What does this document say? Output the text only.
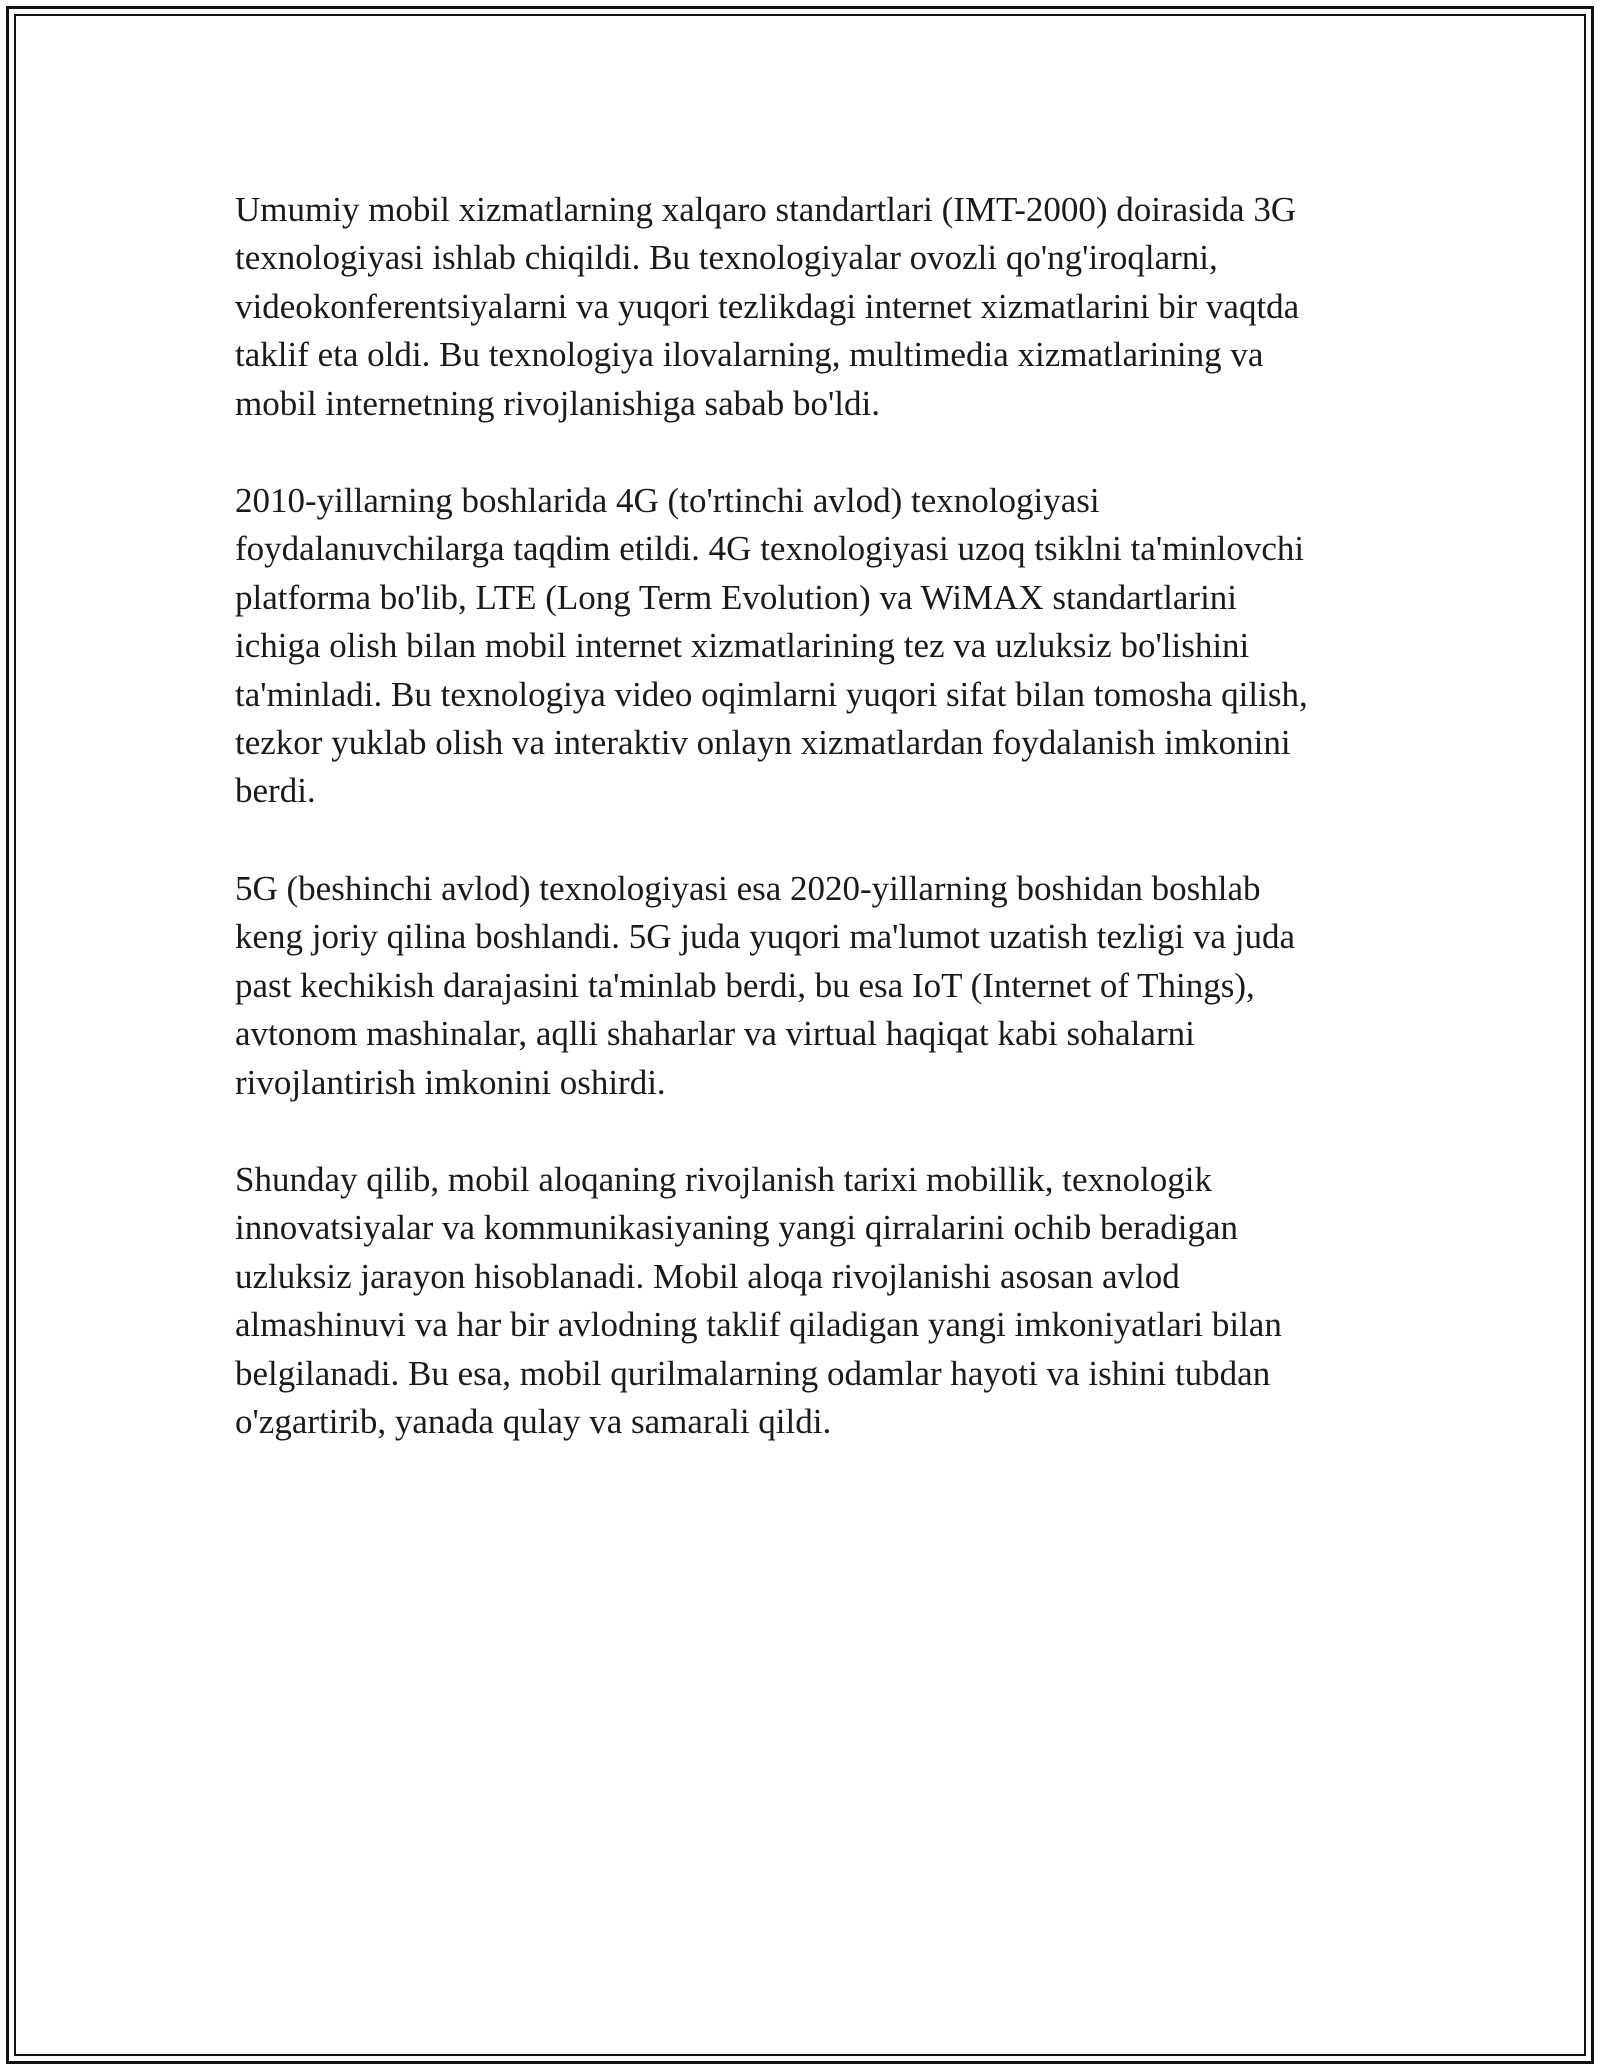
Umumiy mobil xizmatlarning xalqaro standartlari (IMT-2000) doirasida 3G
texnologiyasi ishlab chiqildi. Bu texnologiyalar ovozli qo'ng'iroqlarni,
videokonferentsiyalarni va yuqori tezlikdagi internet xizmatlarini bir vaqtda
taklif eta oldi. Bu texnologiya ilovalarning, multimedia xizmatlarining va
mobil internetning rivojlanishiga sabab bo'ldi.

2010-yillarning boshlarida 4G (to'rtinchi avlod) texnologiyasi
foydalanuvchilarga taqdim etildi. 4G texnologiyasi uzoq tsiklni ta'minlovchi
platforma bo'lib, LTE (Long Term Evolution) va WiMAX standartlarini
ichiga olish bilan mobil internet xizmatlarining tez va uzluksiz bo'lishini
ta'minladi. Bu texnologiya video oqimlarni yuqori sifat bilan tomosha qilish,
tezkor yuklab olish va interaktiv onlayn xizmatlardan foydalanish imkonini
berdi.

5G (beshinchi avlod) texnologiyasi esa 2020-yillarning boshidan boshlab
keng joriy qilina boshlandi. 5G juda yuqori ma'lumot uzatish tezligi va juda
past kechikish darajasini ta'minlab berdi, bu esa IoT (Internet of Things),
avtonom mashinalar, aqlli shaharlar va virtual haqiqat kabi sohalarni
rivojlantirish imkonini oshirdi.

Shunday qilib, mobil aloqaning rivojlanish tarixi mobillik, texnologik
innovatsiyalar va kommunikasiyaning yangi qirralarini ochib beradigan
uzluksiz jarayon hisoblanadi. Mobil aloqa rivojlanishi asosan avlod
almashinuvi va har bir avlodning taklif qiladigan yangi imkoniyatlari bilan
belgilanadi. Bu esa, mobil qurilmalarning odamlar hayoti va ishini tubdan
o'zgartirib, yanada qulay va samarali qildi.
